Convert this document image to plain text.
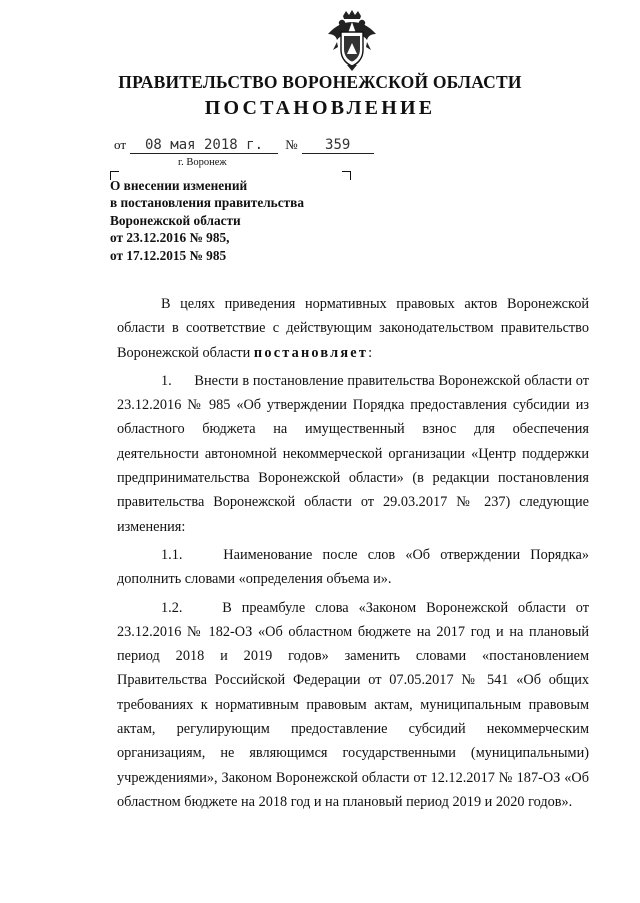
ПРАВИТЕЛЬСТВО ВОРОНЕЖСКОЙ ОБЛАСТИ
ПОСТАНОВЛЕНИЕ
от 08 мая 2018 г. № 359
г. Воронеж
О внесении изменений
в постановления правительства
Воронежской области
от 23.12.2016 № 985,
от 17.12.2015 № 985

В целях приведения нормативных правовых актов Воронежской области в соответствие с действующим законодательством правительство Воронежской области постановляет:

1.      Внести в постановление правительства Воронежской области от 23.12.2016 № 985 «Об утверждении Порядка предоставления субсидии из областного бюджета на имущественный взнос для обеспечения деятельности автономной некоммерческой организации «Центр поддержки предпринимательства Воронежской области» (в редакции постановления правительства Воронежской области от 29.03.2017 № 237) следующие изменения:

1.1.    Наименование после слов «Об отверждении Порядка» дополнить словами «определения объема и».

1.2.    В преамбуле слова «Законом Воронежской области от 23.12.2016 № 182-ОЗ «Об областном бюджете на 2017 год и на плановый период 2018 и 2019 годов» заменить словами «постановлением Правительства Российской Федерации от 07.05.2017 № 541 «Об общих требованиях к нормативным правовым актам, муниципальным правовым актам, регулирующим предоставление субсидий некоммерческим организациям, не являющимся государственными (муниципальными) учреждениями», Законом Воронежской области от 12.12.2017 № 187-ОЗ «Об областном бюджете на 2018 год и на плановый период 2019 и 2020 годов».
